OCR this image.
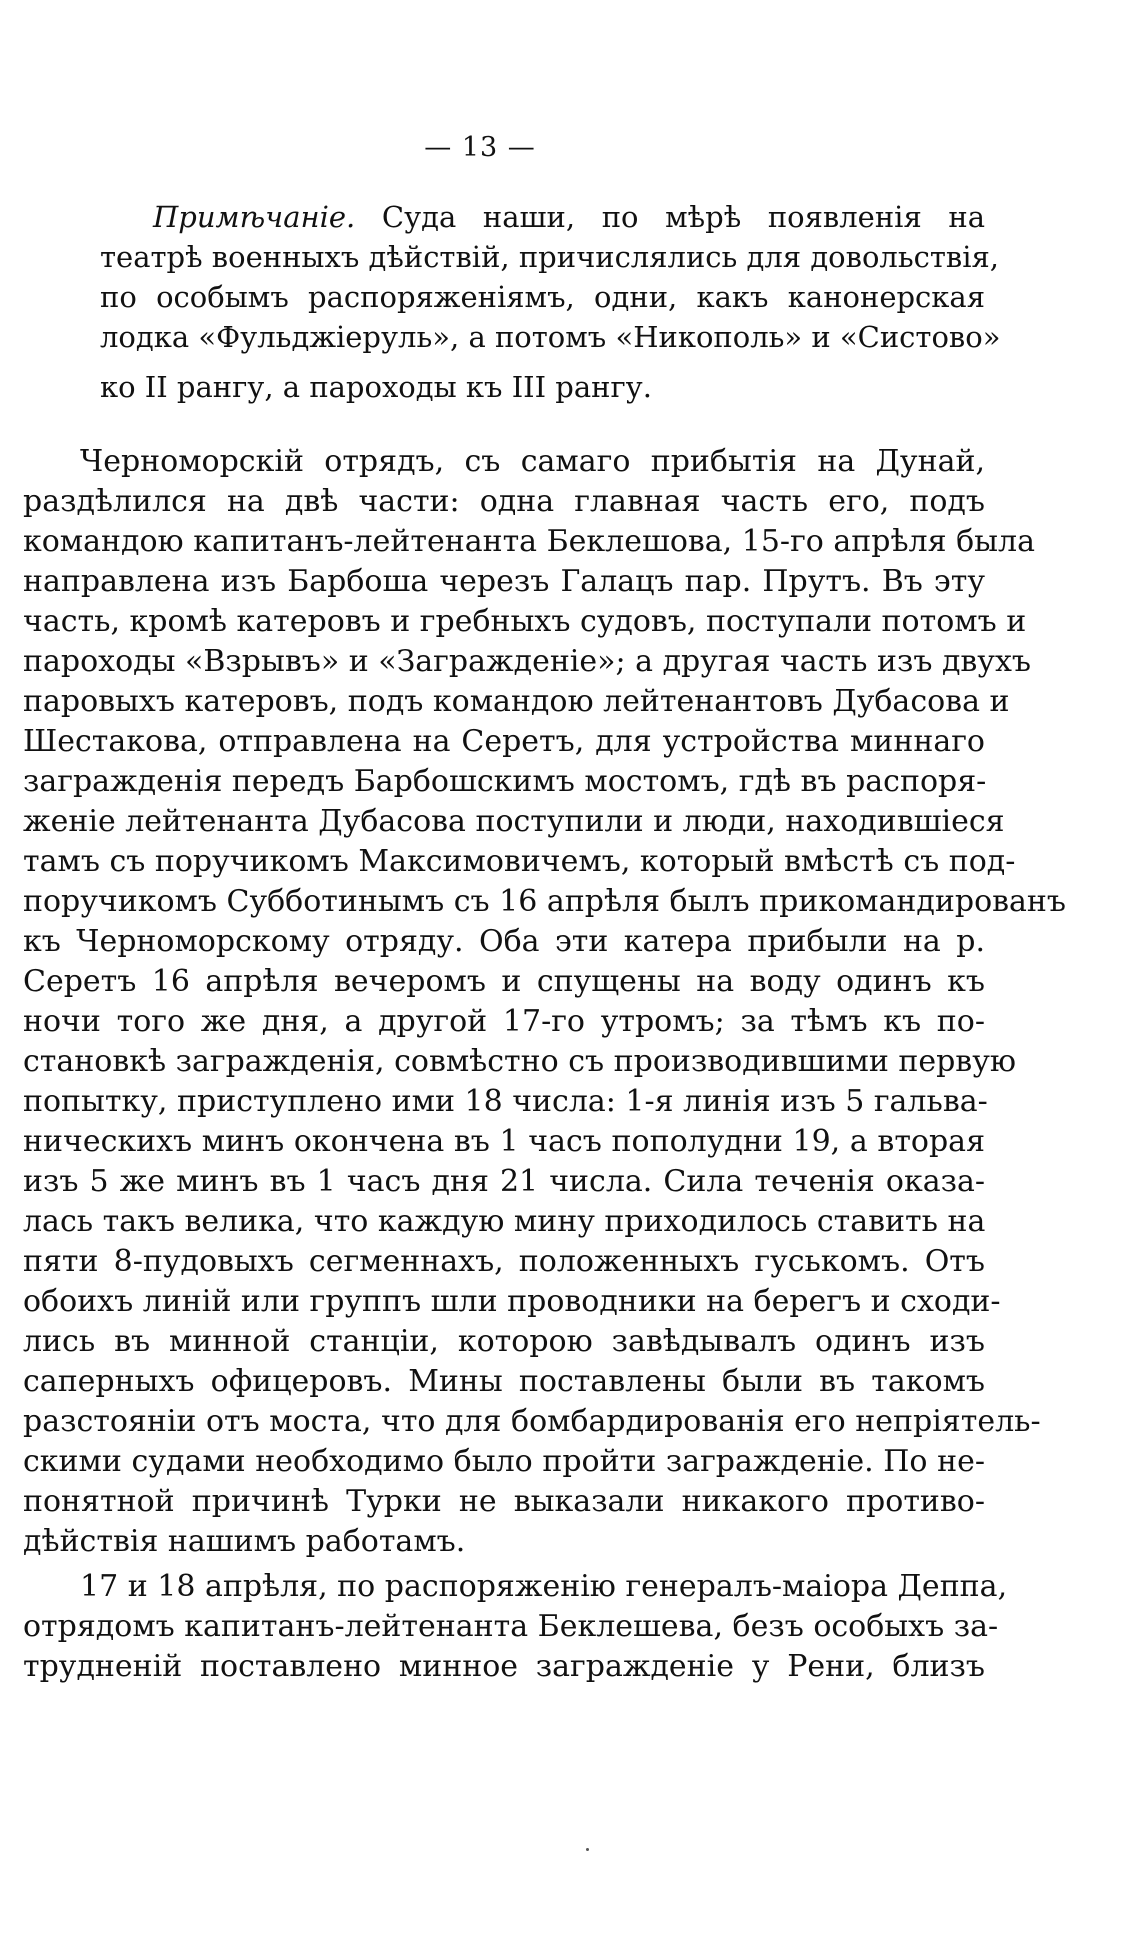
— 13 —
Примѣчаніе. Суда наши, по мѣрѣ появленія на
театрѣ военныхъ дѣйствій, причислялись для довольствія,
по особымъ распоряженіямъ, одни, какъ канонерская
лодка «Фульджіеруль», а потомъ «Никополь» и «Систово»
ко II рангу, а пароходы къ III рангу.
Черноморскій отрядъ, съ самаго прибытія на Дунай,
раздѣлился на двѣ части: одна главная часть его, подъ
командою капитанъ-лейтенанта Беклешова, 15-го апрѣля была
направлена изъ Барбоша черезъ Галацъ пар. Прутъ. Въ эту
часть, кромѣ катеровъ и гребныхъ судовъ, поступали потомъ и
пароходы «Взрывъ» и «Загражденіе»; а другая часть изъ двухъ
паровыхъ катеровъ, подъ командою лейтенантовъ Дубасова и
Шестакова, отправлена на Серетъ, для устройства миннаго
загражденія передъ Барбошскимъ мостомъ, гдѣ въ распоря-
женіе лейтенанта Дубасова поступили и люди, находившіеся
тамъ съ поручикомъ Максимовичемъ, который вмѣстѣ съ под-
поручикомъ Субботинымъ съ 16 апрѣля былъ прикомандированъ
къ Черноморскому отряду. Оба эти катера прибыли на р.
Серетъ 16 апрѣля вечеромъ и спущены на воду одинъ къ
ночи того же дня, а другой 17-го утромъ; за тѣмъ къ по-
становкѣ загражденія, совмѣстно съ производившими первую
попытку, приступлено ими 18 числа: 1-я линія изъ 5 гальва-
ническихъ минъ окончена въ 1 часъ пополудни 19, а вторая
изъ 5 же минъ въ 1 часъ дня 21 числа. Сила теченія оказа-
лась такъ велика, что каждую мину приходилось ставить на
пяти 8-пудовыхъ сегменнахъ, положенныхъ гуськомъ. Отъ
обоихъ линій или группъ шли проводники на берегъ и сходи-
лись въ минной станціи, которою завѣдывалъ одинъ изъ
саперныхъ офицеровъ. Мины поставлены были въ такомъ
разстояніи отъ моста, что для бомбардированія его непріятель-
скими судами необходимо было пройти загражденіе. По не-
понятной причинѣ Турки не выказали никакого противо-
дѣйствія нашимъ работамъ.
17 и 18 апрѣля, по распоряженію генералъ-маіора Деппа,
отрядомъ капитанъ-лейтенанта Беклешева, безъ особыхъ за-
трудненій поставлено минное загражденіе у Рени, близъ
